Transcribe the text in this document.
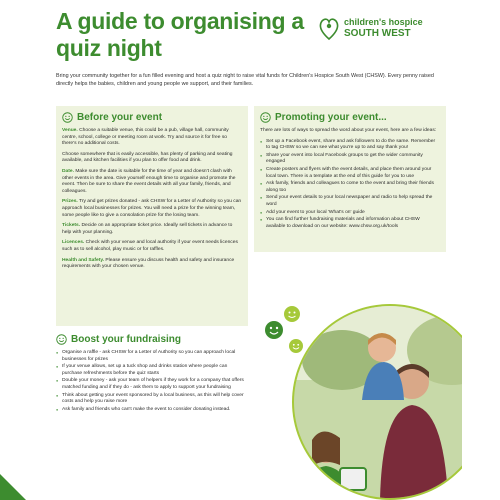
A guide to organising a quiz night
children's hospice
SOUTH WEST
Bring your community together for a fun filled evening and host a quiz night to raise vital funds for Children's Hospice South West (CHSW). Every penny raised directly helps the babies, children and young people we support, and their families.
Before your event
Venue. Choose a suitable venue, this could be a pub, village hall, community centre, school, college or meeting room at work. Try and source it for free so there's no additional costs.
Choose somewhere that is easily accessible, has plenty of parking and seating available, and kitchen facilities if you plan to offer food and drink.
Date. Make sure the date is suitable for the time of year and doesn't clash with other events in the area. Give yourself enough time to organise and promote the event. Then be sure to share the event details with all your family, friends, and colleagues.
Prizes. Try and get prizes donated - ask CHSW for a Letter of Authority so you can approach local businesses for prizes. You will need a prize for the winning team, some people like to give a consolation prize for the losing team.
Tickets. Decide on an appropriate ticket price. Ideally sell tickets in advance to help with your planning.
Licences. Check with your venue and local authority if your event needs licences such as to sell alcohol, play music or for raffles.
Health and Safety. Please ensure you discuss health and safety and insurance requirements with your chosen venue.
Promoting your event...
There are lots of ways to spread the word about your event, here are a few ideas:
● Set up a Facebook event, share and ask followers to do the same. Remember to tag CHSW so we can see what you're up to and say thank you!
● Share your event into local Facebook groups to get the wider community engaged
● Create posters and flyers with the event details, and place them around your local town. There is a template at the end of this guide for you to use
● Ask family, friends and colleagues to come to the event and bring their friends along too
● Send your event details to your local newspaper and radio to help spread the word
● Add your event to your local 'What's on' guide
● You can find further fundraising materials and information about CHSW available to download on our website: www.chsw.org.uk/tools
Boost your fundraising
● Organise a raffle - ask CHSW for a Letter of Authority so you can approach local businesses for prizes
● If your venue allows, set up a tuck shop and drinks station where people can purchase refreshments before the quiz starts
● Double your money - ask your team of helpers if they work for a company that offers matched funding and if they do - ask them to apply to support your fundraising
● Think about getting your event sponsored by a local business, as this will help cover costs and help you raise more
● Ask family and friends who can't make the event to consider donating instead.
